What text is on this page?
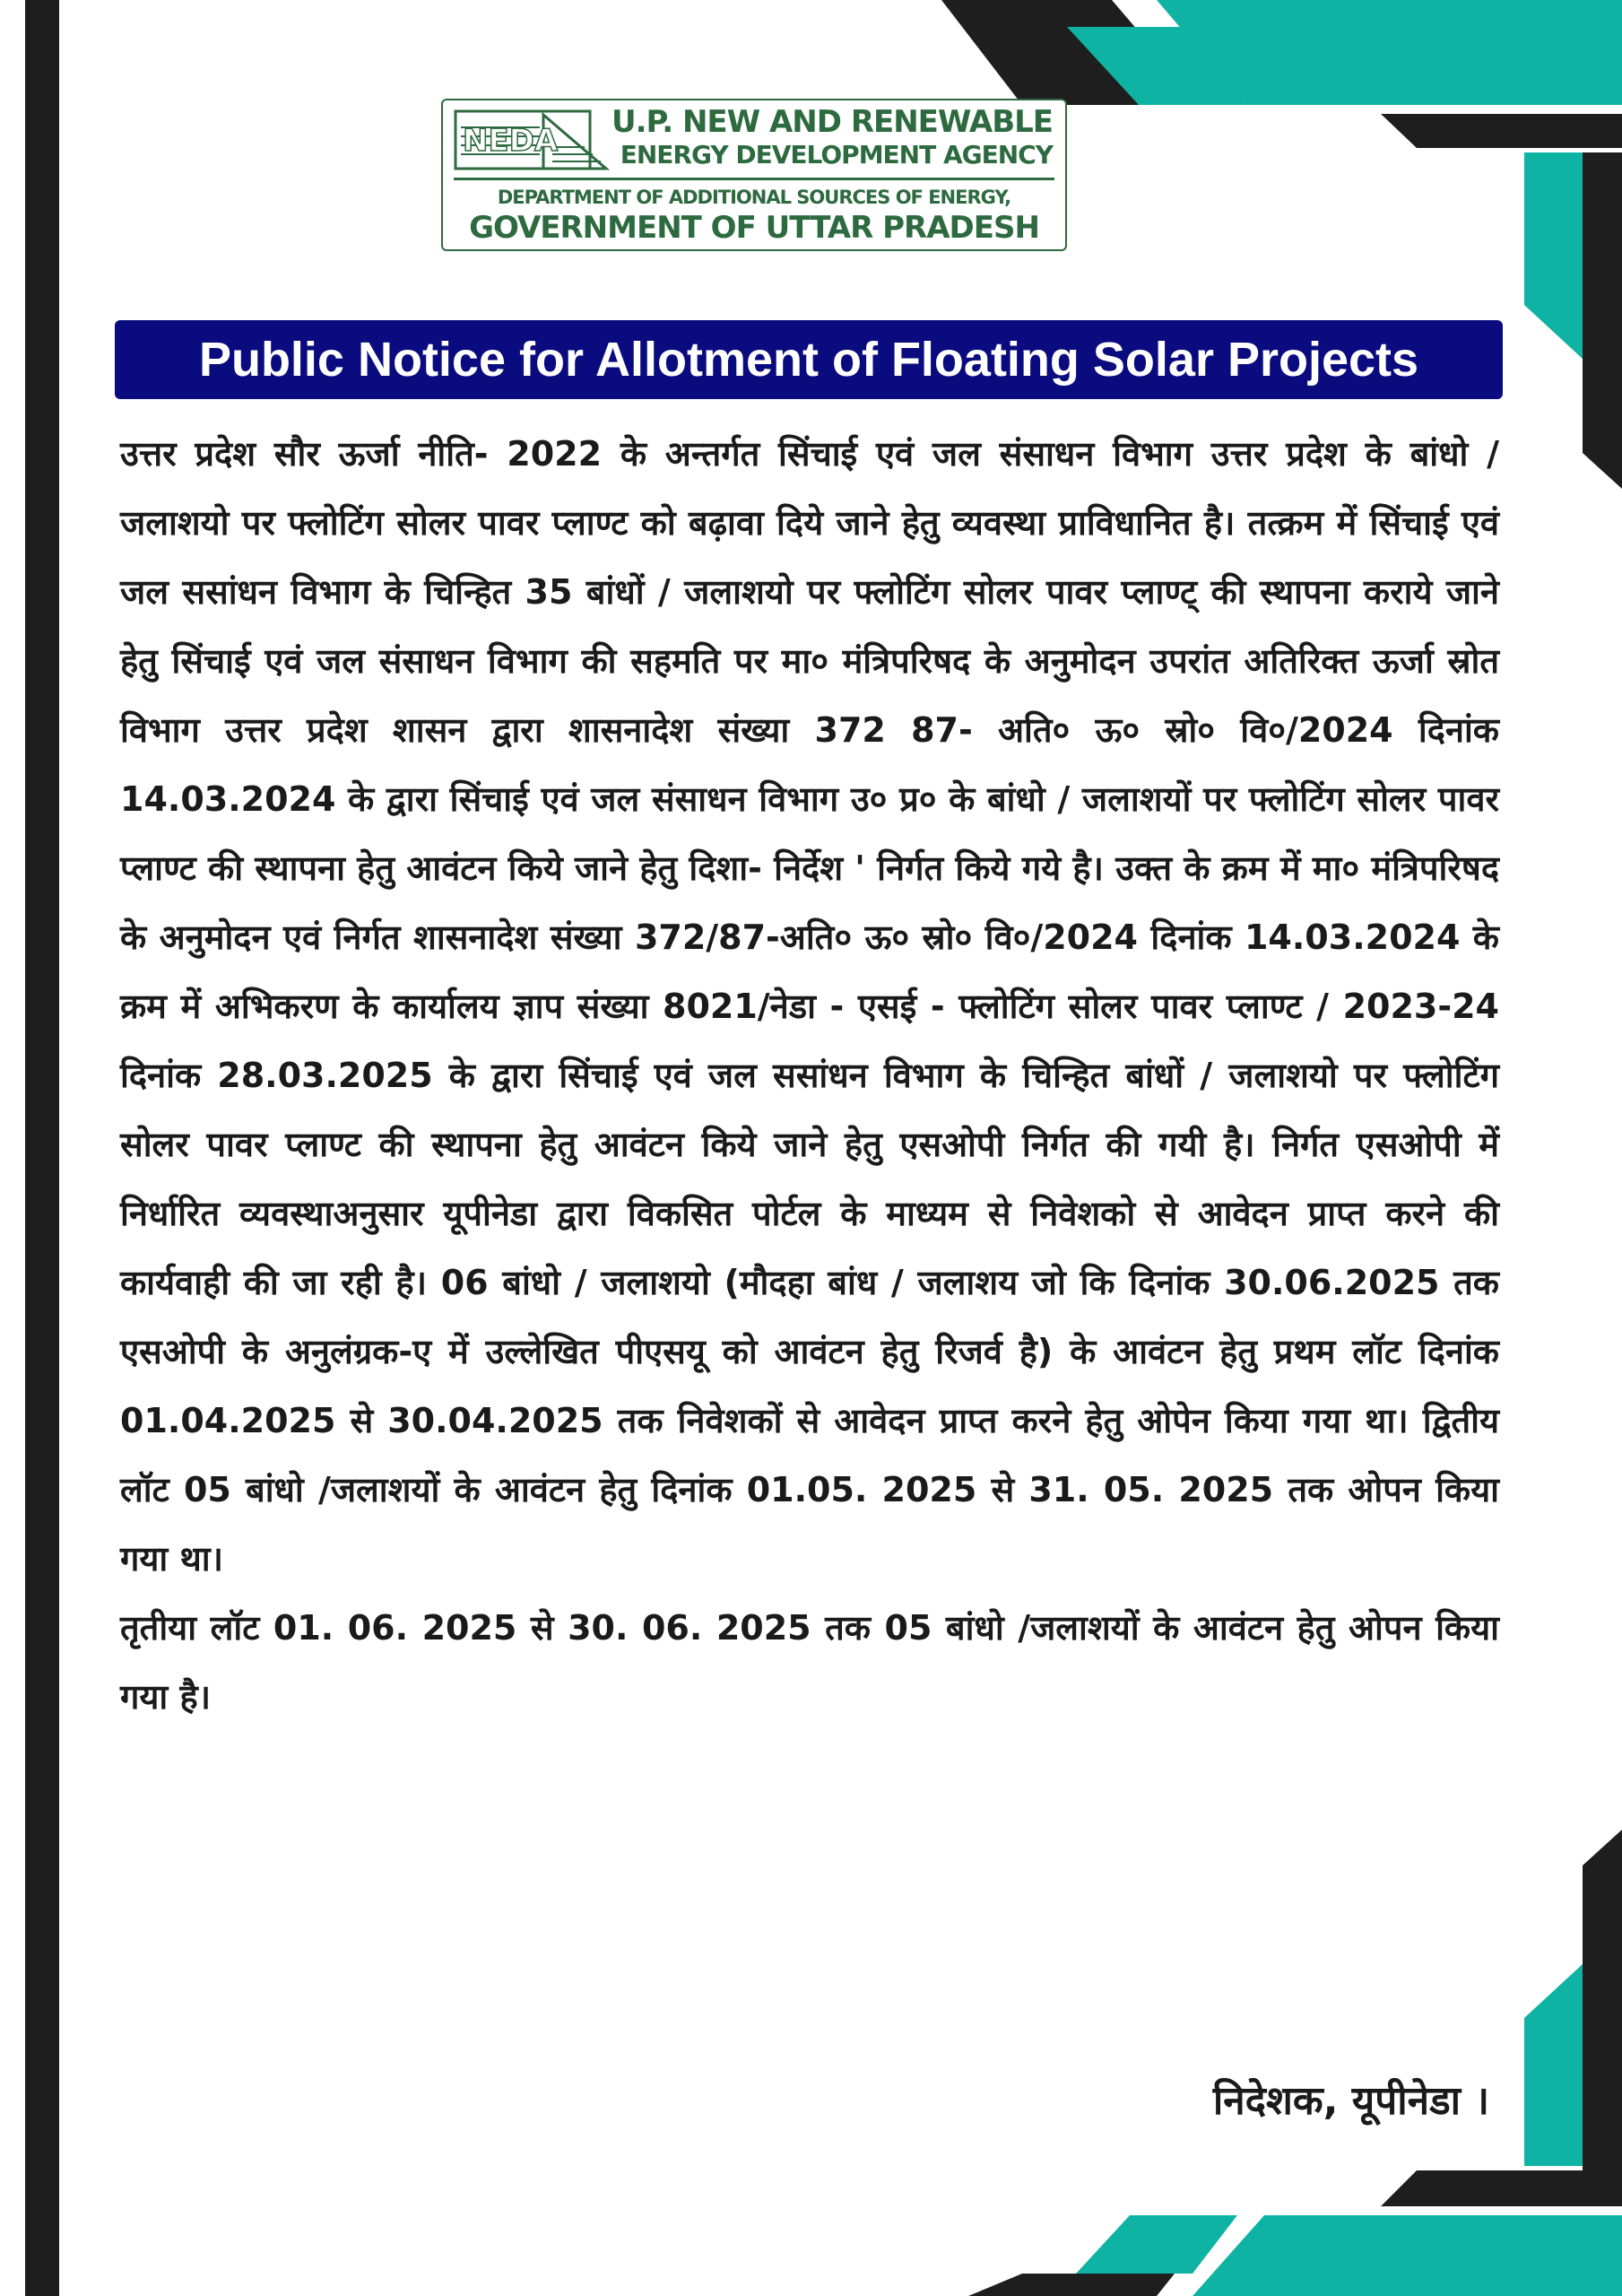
NEDA
U.P. NEW AND RENEWABLE
ENERGY DEVELOPMENT AGENCY
DEPARTMENT OF ADDITIONAL SOURCES OF ENERGY,
GOVERNMENT OF UTTAR PRADESH
Public Notice for Allotment of Floating Solar Projects

उत्तर प्रदेश सौर ऊर्जा नीति- 2022 के अन्तर्गत सिंचाई एवं जल संसाधन विभाग उत्तर प्रदेश के बांधो / जलाशयो पर फ्लोटिंग सोलर पावर प्लाण्ट को बढ़ावा दिये जाने हेतु व्यवस्था प्राविधानित है। तत्क्रम में सिंचाई एवं जल ससांधन विभाग के चिन्हित 35 बांधों / जलाशयो पर फ्लोटिंग सोलर पावर प्लाण्ट् की स्थापना कराये जाने हेतु सिंचाई एवं जल संसाधन विभाग की सहमति पर मा० मंत्रिपरिषद के अनुमोदन उपरांत अतिरिक्त ऊर्जा स्रोत विभाग उत्तर प्रदेश शासन द्वारा शासनादेश संख्या 372 87- अति० ऊ० स्रो० वि०/2024 दिनांक 14.03.2024 के द्वारा सिंचाई एवं जल संसाधन विभाग उ० प्र० के बांधो / जलाशयों पर फ्लोटिंग सोलर पावर प्लाण्ट की स्थापना हेतु आवंटन किये जाने हेतु दिशा- निर्देश ' निर्गत किये गये है। उक्त के क्रम में मा० मंत्रिपरिषद के अनुमोदन एवं निर्गत शासनादेश संख्या 372/87-अति० ऊ० स्रो० वि०/2024 दिनांक 14.03.2024 के क्रम में अभिकरण के कार्यालय ज्ञाप संख्या 8021/नेडा - एसई - फ्लोटिंग सोलर पावर प्लाण्ट / 2023-24 दिनांक 28.03.2025 के द्वारा सिंचाई एवं जल ससांधन विभाग के चिन्हित बांधों / जलाशयो पर फ्लोटिंग सोलर पावर प्लाण्ट की स्थापना हेतु आवंटन किये जाने हेतु एसओपी निर्गत की गयी है। निर्गत एसओपी में निर्धारित व्यवस्थाअनुसार यूपीनेडा द्वारा विकसित पोर्टल के माध्यम से निवेशको से आवेदन प्राप्त करने की कार्यवाही की जा रही है। 06 बांधो / जलाशयो (मौदहा बांध / जलाशय जो कि दिनांक 30.06.2025 तक एसओपी के अनुलंग्रक-ए में उल्लेखित पीएसयू को आवंटन हेतु रिजर्व है) के आवंटन हेतु प्रथम लॉट दिनांक 01.04.2025 से 30.04.2025 तक निवेशकों से आवेदन प्राप्त करने हेतु ओपेन किया गया था। द्वितीय लॉट 05 बांधो /जलाशयों के आवंटन हेतु दिनांक 01.05. 2025 से 31. 05. 2025 तक ओपन किया गया था।

तृतीया लॉट 01. 06. 2025 से 30. 06. 2025 तक 05 बांधो /जलाशयों के आवंटन हेतु ओपन किया गया है।

निदेशक, यूपीनेडा ।
